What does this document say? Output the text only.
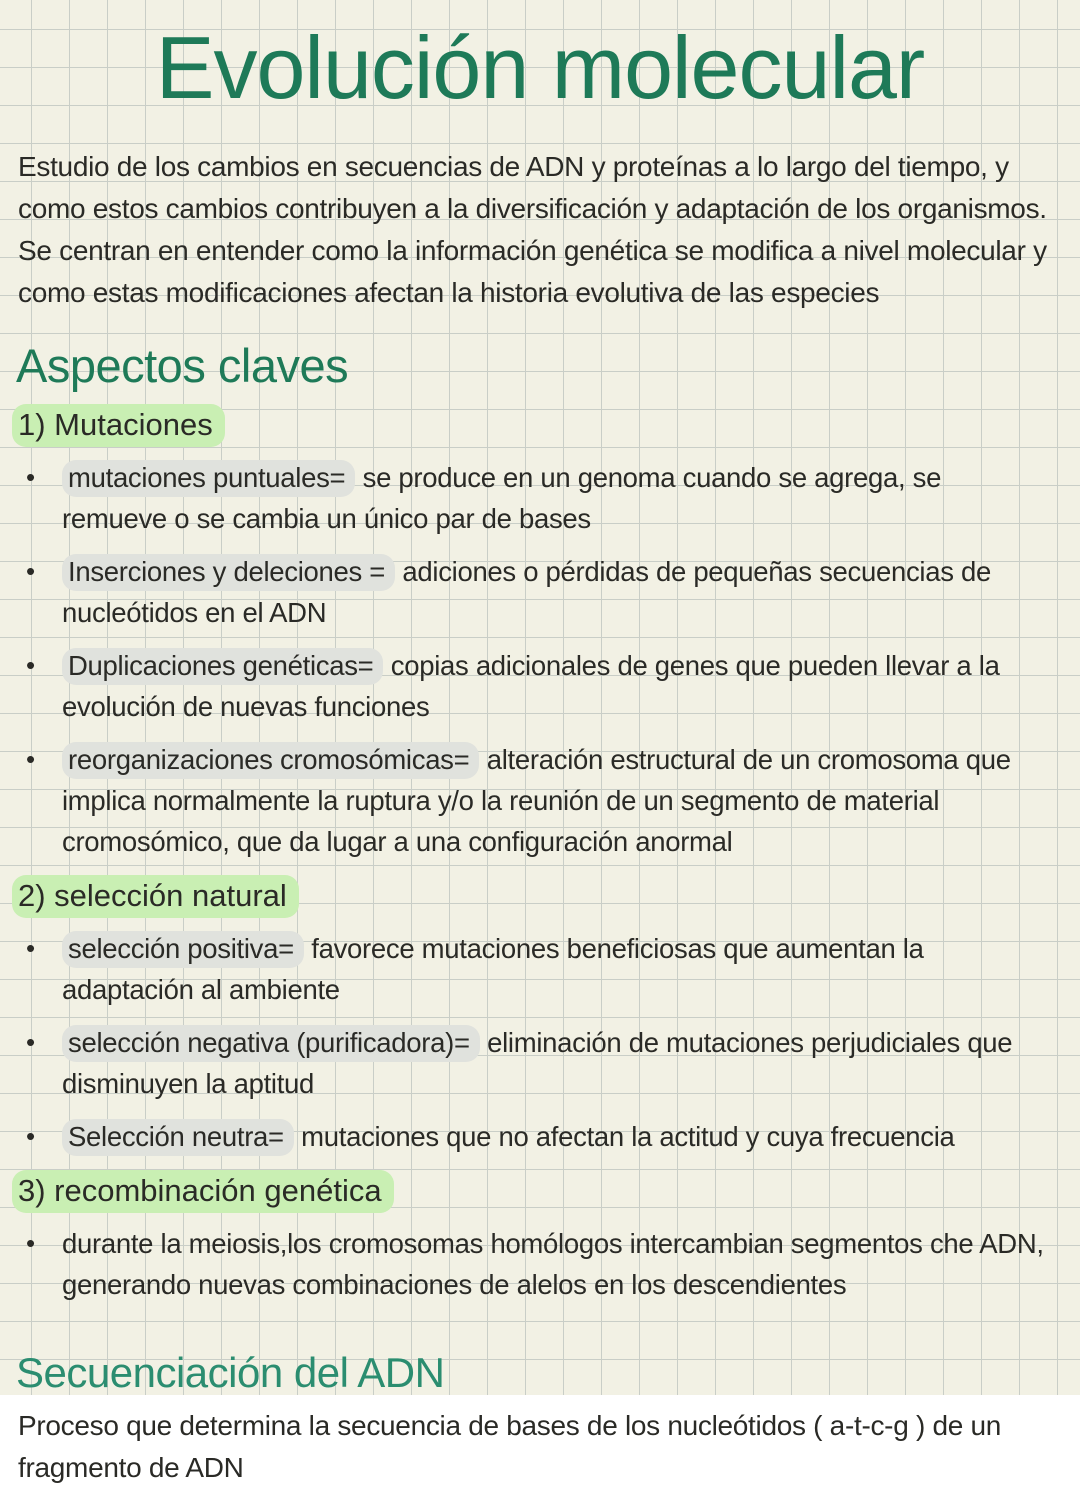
Evolución molecular

Estudio de los cambios en secuencias de ADN y proteínas a lo largo del tiempo, y como estos cambios contribuyen a la diversificación y adaptación de los organismos. Se centran en entender como la información genética se modifica a nivel molecular y como estas modificaciones afectan la historia evolutiva de las especies

Aspectos claves
1) Mutaciones
• mutaciones puntuales= se produce en un genoma cuando se agrega, se remueve o se cambia un único par de bases
• Inserciones y deleciones = adiciones o pérdidas de pequeñas secuencias de nucleótidos en el ADN
• Duplicaciones genéticas= copias adicionales de genes que pueden llevar a la evolución de nuevas funciones
• reorganizaciones cromosómicas= alteración estructural de un cromosoma que implica normalmente la ruptura y/o la reunión de un segmento de material cromosómico, que da lugar a una configuración anormal
2) selección natural
• selección positiva= favorece mutaciones beneficiosas que aumentan la adaptación al ambiente
• selección negativa (purificadora)= eliminación de mutaciones perjudiciales que disminuyen la aptitud
• Selección neutra= mutaciones que no afectan la actitud y cuya frecuencia
3) recombinación genética
• durante la meiosis,los cromosomas homólogos intercambian segmentos che ADN, generando nuevas combinaciones de alelos en los descendientes
Secuenciación del ADN

Proceso que determina la secuencia de bases de los nucleótidos ( a-t-c-g ) de un fragmento de ADN
